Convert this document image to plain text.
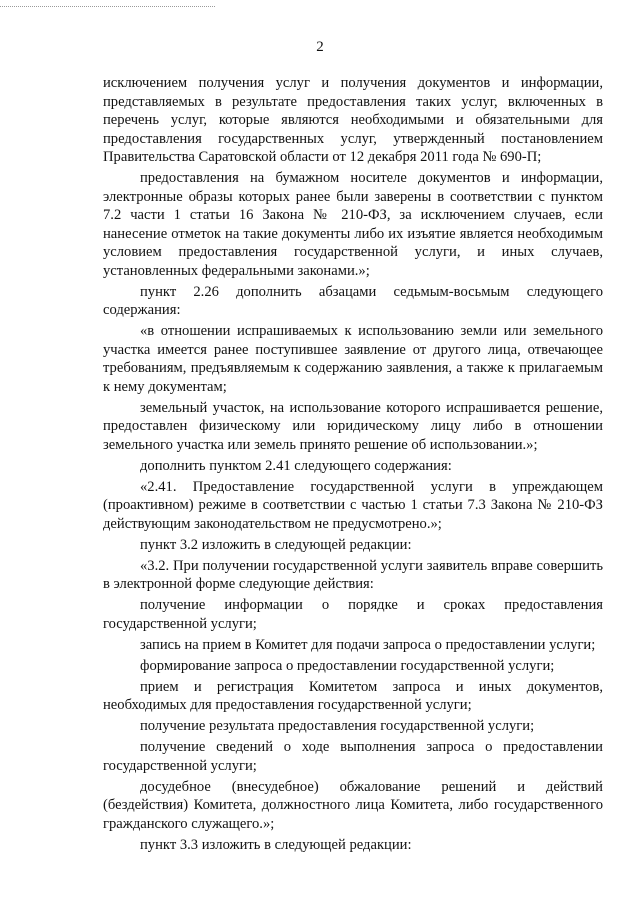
2

исключением получения услуг и получения документов и информации, представляемых в результате предоставления таких услуг, включенных в перечень услуг, которые являются необходимыми и обязательными для предоставления государственных услуг, утвержденный постановлением Правительства Саратовской области от 12 декабря 2011 года № 690-П;

предоставления на бумажном носителе документов и информации, электронные образы которых ранее были заверены в соответствии с пунктом 7.2 части 1 статьи 16 Закона № 210-ФЗ, за исключением случаев, если нанесение отметок на такие документы либо их изъятие является необходимым условием предоставления государственной услуги, и иных случаев, установленных федеральными законами.»;

пункт 2.26 дополнить абзацами седьмым-восьмым следующего содержания:

«в отношении испрашиваемых к использованию земли или земельного участка имеется ранее поступившее заявление от другого лица, отвечающее требованиям, предъявляемым к содержанию заявления, а также к прилагаемым к нему документам;

земельный участок, на использование которого испрашивается решение, предоставлен физическому или юридическому лицу либо в отношении земельного участка или земель принято решение об использовании.»;

дополнить пунктом 2.41 следующего содержания:

«2.41. Предоставление государственной услуги в упреждающем (проактивном) режиме в соответствии с частью 1 статьи 7.3 Закона № 210-ФЗ действующим законодательством не предусмотрено.»;

пункт 3.2 изложить в следующей редакции:

«3.2. При получении государственной услуги заявитель вправе совершить в электронной форме следующие действия:

получение информации о порядке и сроках предоставления государственной услуги;

запись на прием в Комитет для подачи запроса о предоставлении услуги;

формирование запроса о предоставлении государственной услуги;

прием и регистрация Комитетом запроса и иных документов, необходимых для предоставления государственной услуги;

получение результата предоставления государственной услуги;

получение сведений о ходе выполнения запроса о предоставлении государственной услуги;

досудебное (внесудебное) обжалование решений и действий (бездействия) Комитета, должностного лица Комитета, либо государственного гражданского служащего.»;

пункт 3.3 изложить в следующей редакции:
